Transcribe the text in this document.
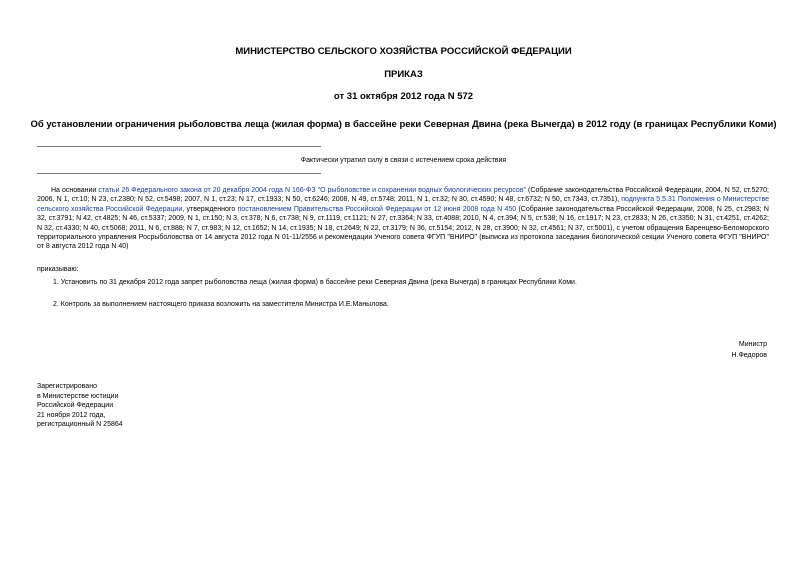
МИНИСТЕРСТВО СЕЛЬСКОГО ХОЗЯЙСТВА РОССИЙСКОЙ ФЕДЕРАЦИИ
ПРИКАЗ
от 31 октября 2012 года N 572
Об установлении ограничения рыболовства леща (жилая форма) в бассейне реки Северная Двина (река Вычегда) в 2012 году (в границах Республики Коми)
Фактически утратил силу в связи с истечением срока действия
На основании статьи 26 Федерального закона от 20 декабря 2004 года N 166-ФЗ "О рыболовстве и сохранении водных биологических ресурсов" (Собрание законодательства Российской Федерации, 2004, N 52, ст.5270; 2006, N 1, ст.10; N 23, ст.2380; N 52, ст.5498; 2007, N 1, ст.23; N 17, ст.1933; N 50, ст.6246; 2008, N 49, ст.5748; 2011, N 1, ст.32; N 30, ст.4590; N 48, ст.6732; N 50, ст.7343, ст.7351), подпункта 5.5.31 Положения о Министерстве сельского хозяйства Российской Федерации, утвержденного постановлением Правительства Российской Федерации от 12 июня 2008 года N 450 (Собрание законодательства Российской Федерации, 2008, N 25, ст.2983; N 32, ст.3791; N 42, ст.4825; N 46, ст.5337; 2009, N 1, ст.150; N 3, ст.378; N 6, ст.738; N 9, ст.1119, ст.1121; N 27, ст.3364; N 33, ст.4088; 2010, N 4, ст.394; N 5, ст.538; N 16, ст.1917; N 23, ст.2833; N 26, ст.3350; N 31, ст.4251, ст.4262; N 32, ст.4330; N 40, ст.5068; 2011, N 6, ст.888; N 7, ст.983; N 12, ст.1652; N 14, ст.1935; N 18, ст.2649; N 22, ст.3179; N 36, ст.5154; 2012, N 28, ст.3900; N 32, ст.4561; N 37, ст.5001), с учетом обращения Баренцево-Беломорского территориального управления Росрыболовства от 14 августа 2012 года N 01-11/2556 и рекомендации Ученого совета ФГУП "ВНИРО" (выписка из протокола заседания биологической секции Ученого совета ФГУП "ВНИРО" от 8 августа 2012 года N 40)
приказываю:
1. Установить по 31 декабря 2012 года запрет рыболовства леща (жилая форма) в бассейне реки Северная Двина (река Вычегда) в границах Республики Коми.
2. Контроль за выполнением настоящего приказа возложить на заместителя Министра И.Е.Манылова.
Министр
Н.Федоров
Зарегистрировано
в Министерстве юстиции
Российской Федерации
21 ноября 2012 года,
регистрационный N 25864
